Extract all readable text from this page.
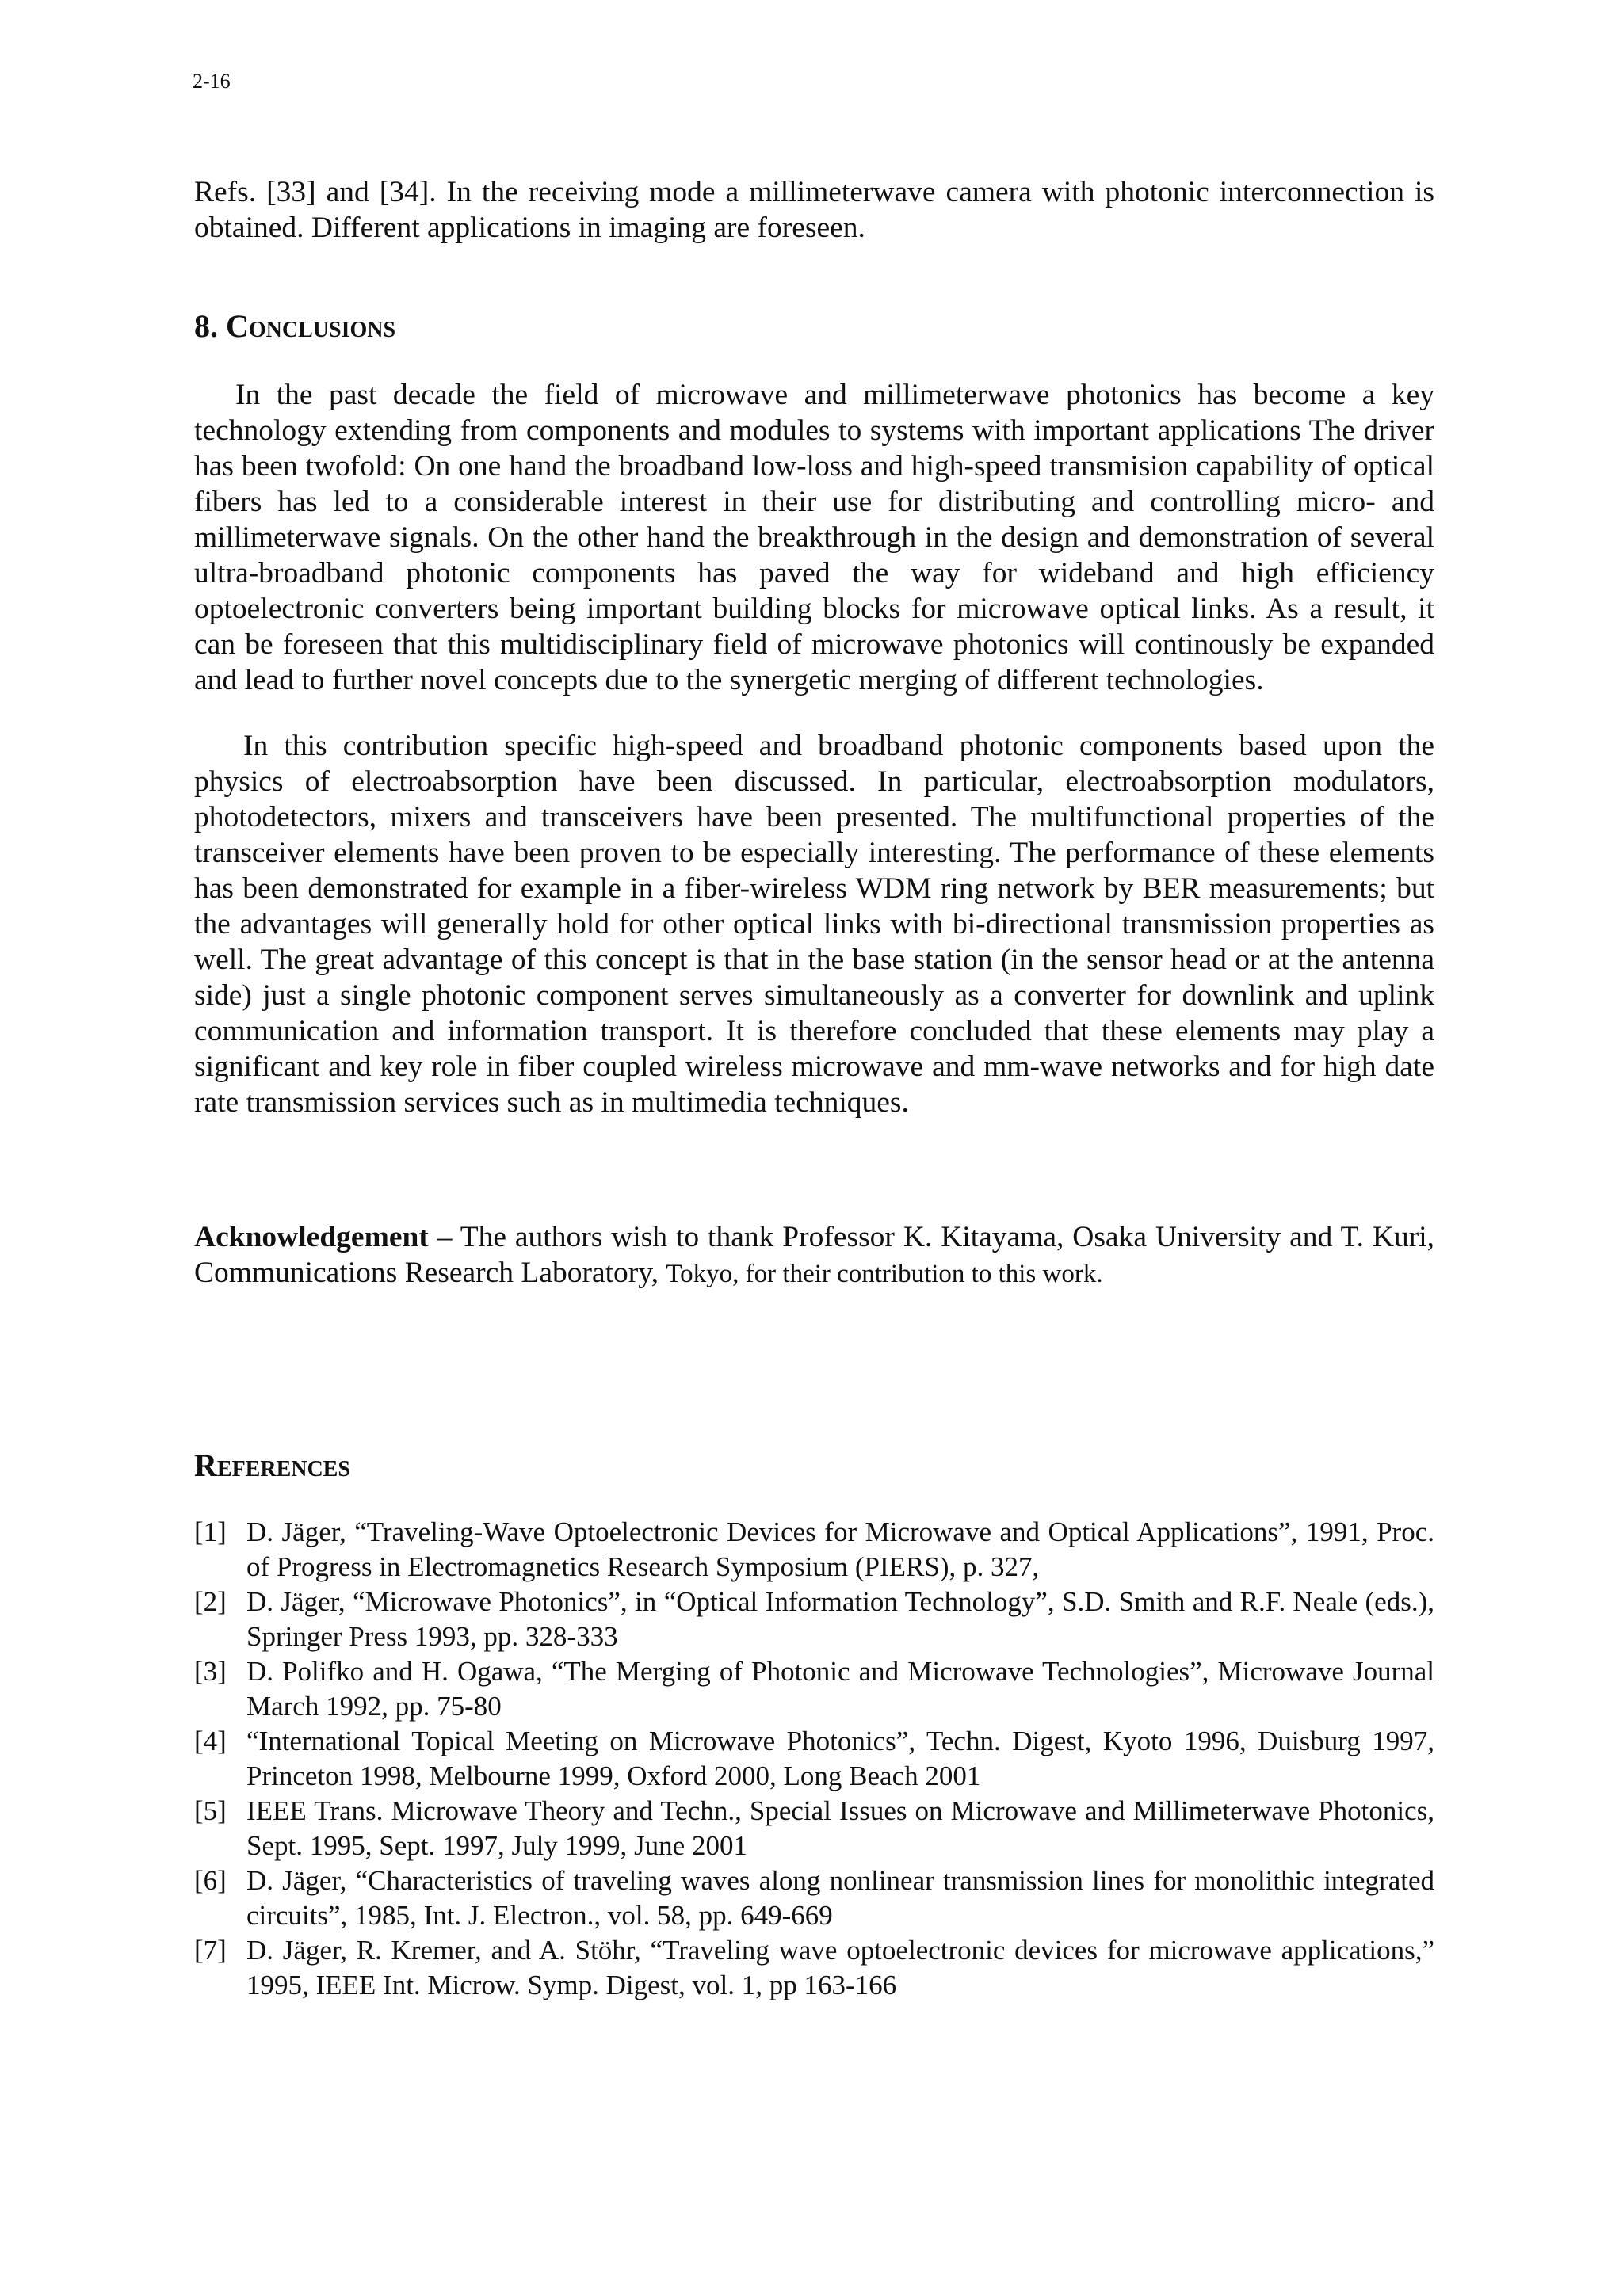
2-16

Refs. [33] and [34]. In the receiving mode a millimeterwave camera with photonic interconnection is obtained. Different applications in imaging are foreseen.

8. Conclusions

In the past decade the field of microwave and millimeterwave photonics has become a key technology extending from components and modules to systems with important applications The driver has been twofold: On one hand the broadband low-loss and high-speed transmision capability of optical fibers has led to a considerable interest in their use for distributing and controlling micro- and millimeterwave signals. On the other hand the breakthrough in the design and demonstration of several ultra-broadband photonic components has paved the way for wideband and high efficiency optoelectronic converters being important building blocks for microwave optical links. As a result, it can be foreseen that this multidisciplinary field of microwave photonics will continously be expanded and lead to further novel concepts due to the synergetic merging of different technologies.

In this contribution specific high-speed and broadband photonic components based upon the physics of electroabsorption have been discussed. In particular, electroabsorption modulators, photodetectors, mixers and transceivers have been presented. The multifunctional properties of the transceiver elements have been proven to be especially interesting. The performance of these elements has been demonstrated for example in a fiber-wireless WDM ring network by BER measurements; but the advantages will generally hold for other optical links with bi-directional transmission properties as well. The great advantage of this concept is that in the base station (in the sensor head or at the antenna side) just a single photonic component serves simultaneously as a converter for downlink and uplink communication and information transport. It is therefore concluded that these elements may play a significant and key role in fiber coupled wireless microwave and mm-wave networks and for high date rate transmission services such as in multimedia techniques.

Acknowledgement – The authors wish to thank Professor K. Kitayama, Osaka University and T. Kuri, Communications Research Laboratory, Tokyo, for their contribution to this work.

References
[1] D. Jäger, “Traveling-Wave Optoelectronic Devices for Microwave and Optical Applications”, 1991, Proc. of Progress in Electromagnetics Research Symposium (PIERS), p. 327,
[2] D. Jäger, “Microwave Photonics”, in “Optical Information Technology”, S.D. Smith and R.F. Neale (eds.), Springer Press 1993, pp. 328-333
[3] D. Polifko and H. Ogawa, “The Merging of Photonic and Microwave Technologies”, Microwave Journal March 1992, pp. 75-80
[4] “International Topical Meeting on Microwave Photonics”, Techn. Digest, Kyoto 1996, Duisburg 1997, Princeton 1998, Melbourne 1999, Oxford 2000, Long Beach 2001
[5] IEEE Trans. Microwave Theory and Techn., Special Issues on Microwave and Millimeterwave Photonics, Sept. 1995, Sept. 1997, July 1999, June 2001
[6] D. Jäger, “Characteristics of traveling waves along nonlinear transmission lines for monolithic integrated circuits”, 1985, Int. J. Electron., vol. 58, pp. 649-669
[7] D. Jäger, R. Kremer, and A. Stöhr, “Traveling wave optoelectronic devices for microwave applications,” 1995, IEEE Int. Microw. Symp. Digest, vol. 1, pp 163-166
